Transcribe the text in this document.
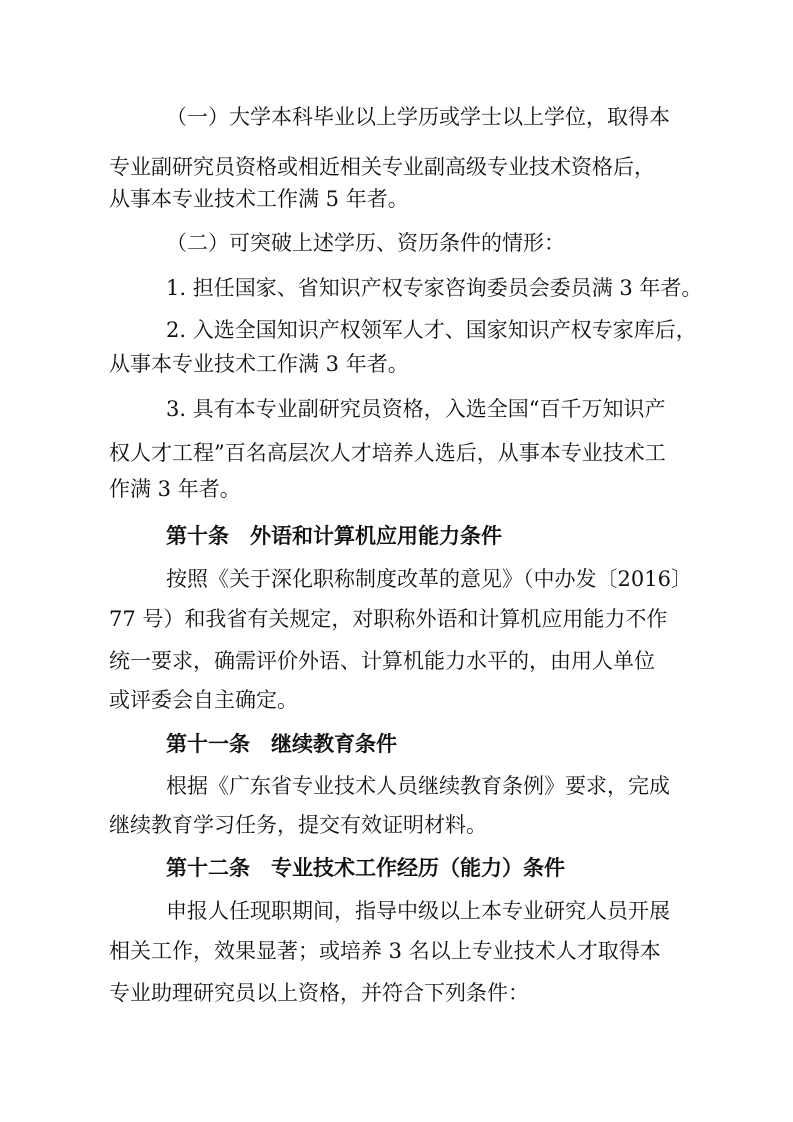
（一）大学本科毕业以上学历或学士以上学位，取得本
专业副研究员资格或相近相关专业副高级专业技术资格后，
从事本专业技术工作满 5 年者。
（二）可突破上述学历、资历条件的情形：
1. 担任国家、省知识产权专家咨询委员会委员满 3 年者。
2. 入选全国知识产权领军人才、国家知识产权专家库后，
从事本专业技术工作满 3 年者。
3. 具有本专业副研究员资格，入选全国“百千万知识产
权人才工程”百名高层次人才培养人选后，从事本专业技术工
作满 3 年者。
第十条　外语和计算机应用能力条件
按照《关于深化职称制度改革的意见》（中办发〔2016〕
77 号）和我省有关规定，对职称外语和计算机应用能力不作
统一要求，确需评价外语、计算机能力水平的，由用人单位
或评委会自主确定。
第十一条　继续教育条件
根据《广东省专业技术人员继续教育条例》要求，完成
继续教育学习任务，提交有效证明材料。
第十二条　专业技术工作经历（能力）条件
申报人任现职期间，指导中级以上本专业研究人员开展
相关工作，效果显著；或培养 3 名以上专业技术人才取得本
专业助理研究员以上资格，并符合下列条件：
